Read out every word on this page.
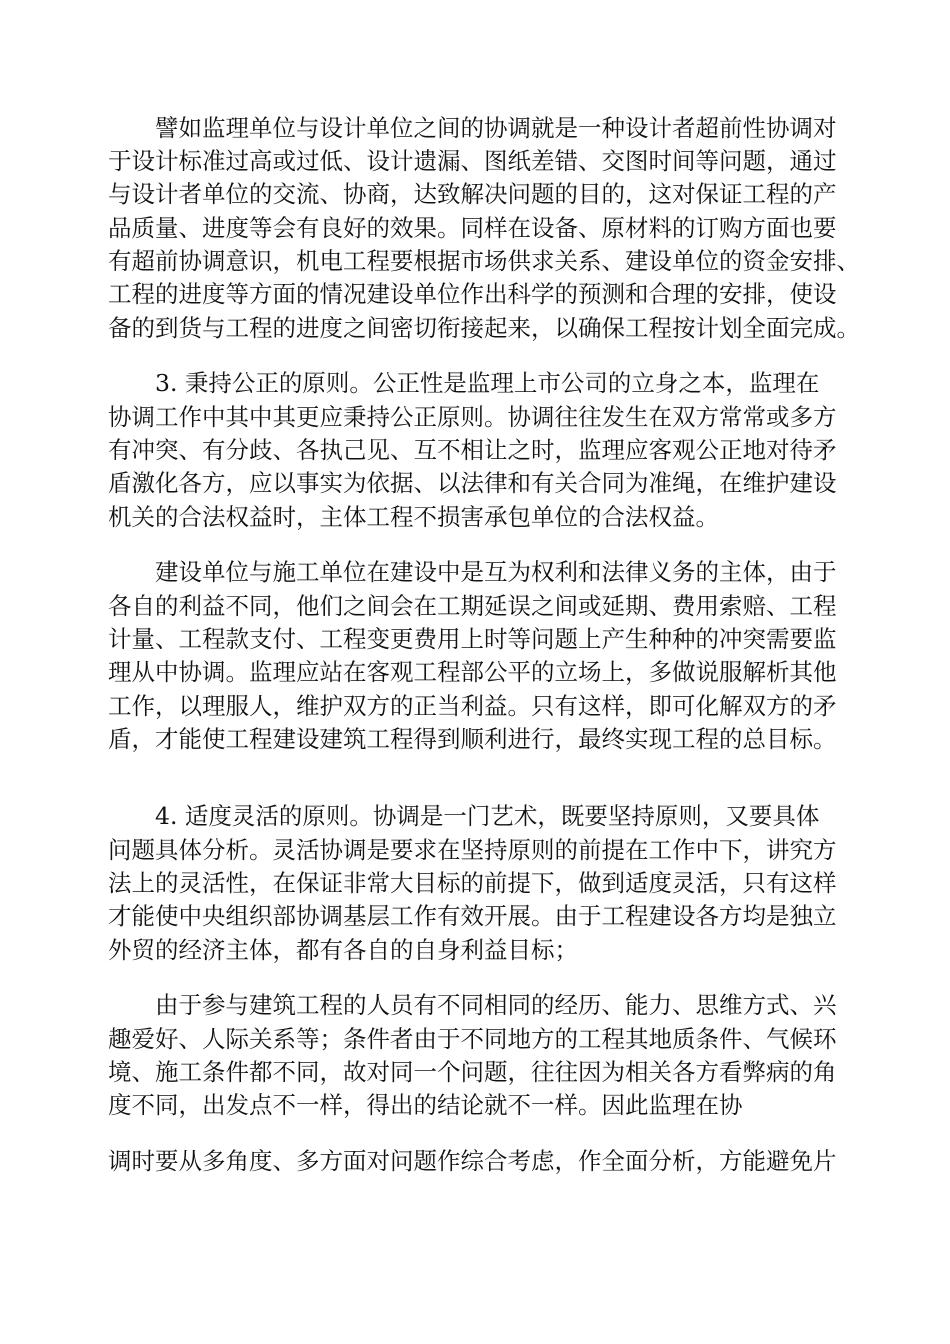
譬如监理单位与设计单位之间的协调就是一种设计者超前性协调对

于设计标准过高或过低、设计遗漏、图纸差错、交图时间等问题，通过

与设计者单位的交流、协商，达致解决问题的目的，这对保证工程的产

品质量、进度等会有良好的效果。同样在设备、原材料的订购方面也要

有超前协调意识，机电工程要根据市场供求关系、建设单位的资金安排、

工程的进度等方面的情况建设单位作出科学的预测和合理的安排，使设

备的到货与工程的进度之间密切衔接起来，以确保工程按计划全面完成。

3. 秉持公正的原则。公正性是监理上市公司的立身之本，监理在

协调工作中其中其更应秉持公正原则。协调往往发生在双方常常或多方

有冲突、有分歧、各执己见、互不相让之时，监理应客观公正地对待矛

盾激化各方，应以事实为依据、以法律和有关合同为准绳，在维护建设

机关的合法权益时，主体工程不损害承包单位的合法权益。

建设单位与施工单位在建设中是互为权利和法律义务的主体，由于

各自的利益不同，他们之间会在工期延误之间或延期、费用索赔、工程

计量、工程款支付、工程变更费用上时等问题上产生种种的冲突需要监

理从中协调。监理应站在客观工程部公平的立场上，多做说服解析其他

工作，以理服人，维护双方的正当利益。只有这样，即可化解双方的矛

盾，才能使工程建设建筑工程得到顺利进行，最终实现工程的总目标。

4. 适度灵活的原则。协调是一门艺术，既要坚持原则，又要具体

问题具体分析。灵活协调是要求在坚持原则的前提在工作中下，讲究方

法上的灵活性，在保证非常大目标的前提下，做到适度灵活，只有这样

才能使中央组织部协调基层工作有效开展。由于工程建设各方均是独立

外贸的经济主体，都有各自的自身利益目标；

由于参与建筑工程的人员有不同相同的经历、能力、思维方式、兴

趣爱好、人际关系等；条件者由于不同地方的工程其地质条件、气候环

境、施工条件都不同，故对同一个问题，往往因为相关各方看弊病的角

度不同，出发点不一样，得出的结论就不一样。因此监理在协

调时要从多角度、多方面对问题作综合考虑，作全面分析，方能避免片
